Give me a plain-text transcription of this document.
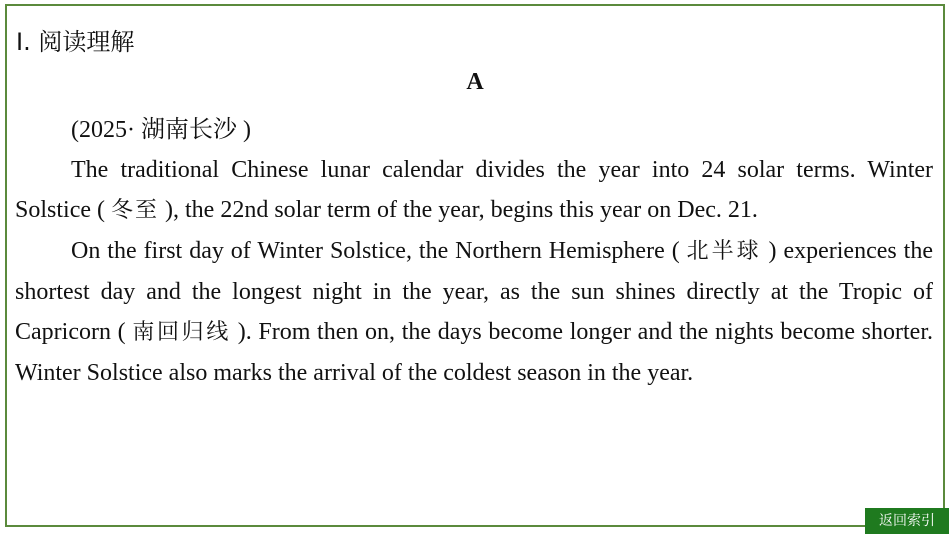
I. 阅读理解
A

(2025· 湖南长沙 )

The traditional Chinese lunar calendar divides the year into 24 solar terms. Winter Solstice ( 冬至 ), the 22nd solar term of the year, begins this year on Dec. 21.

On the first day of Winter Solstice, the Northern Hemisphere ( 北半球 ) experiences the shortest day and the longest night in the year, as the sun shines directly at the Tropic of Capricorn ( 南回归线 ). From then on, the days become longer and the nights become shorter. Winter Solstice also marks the arrival of the coldest season in the year.

返回索引
